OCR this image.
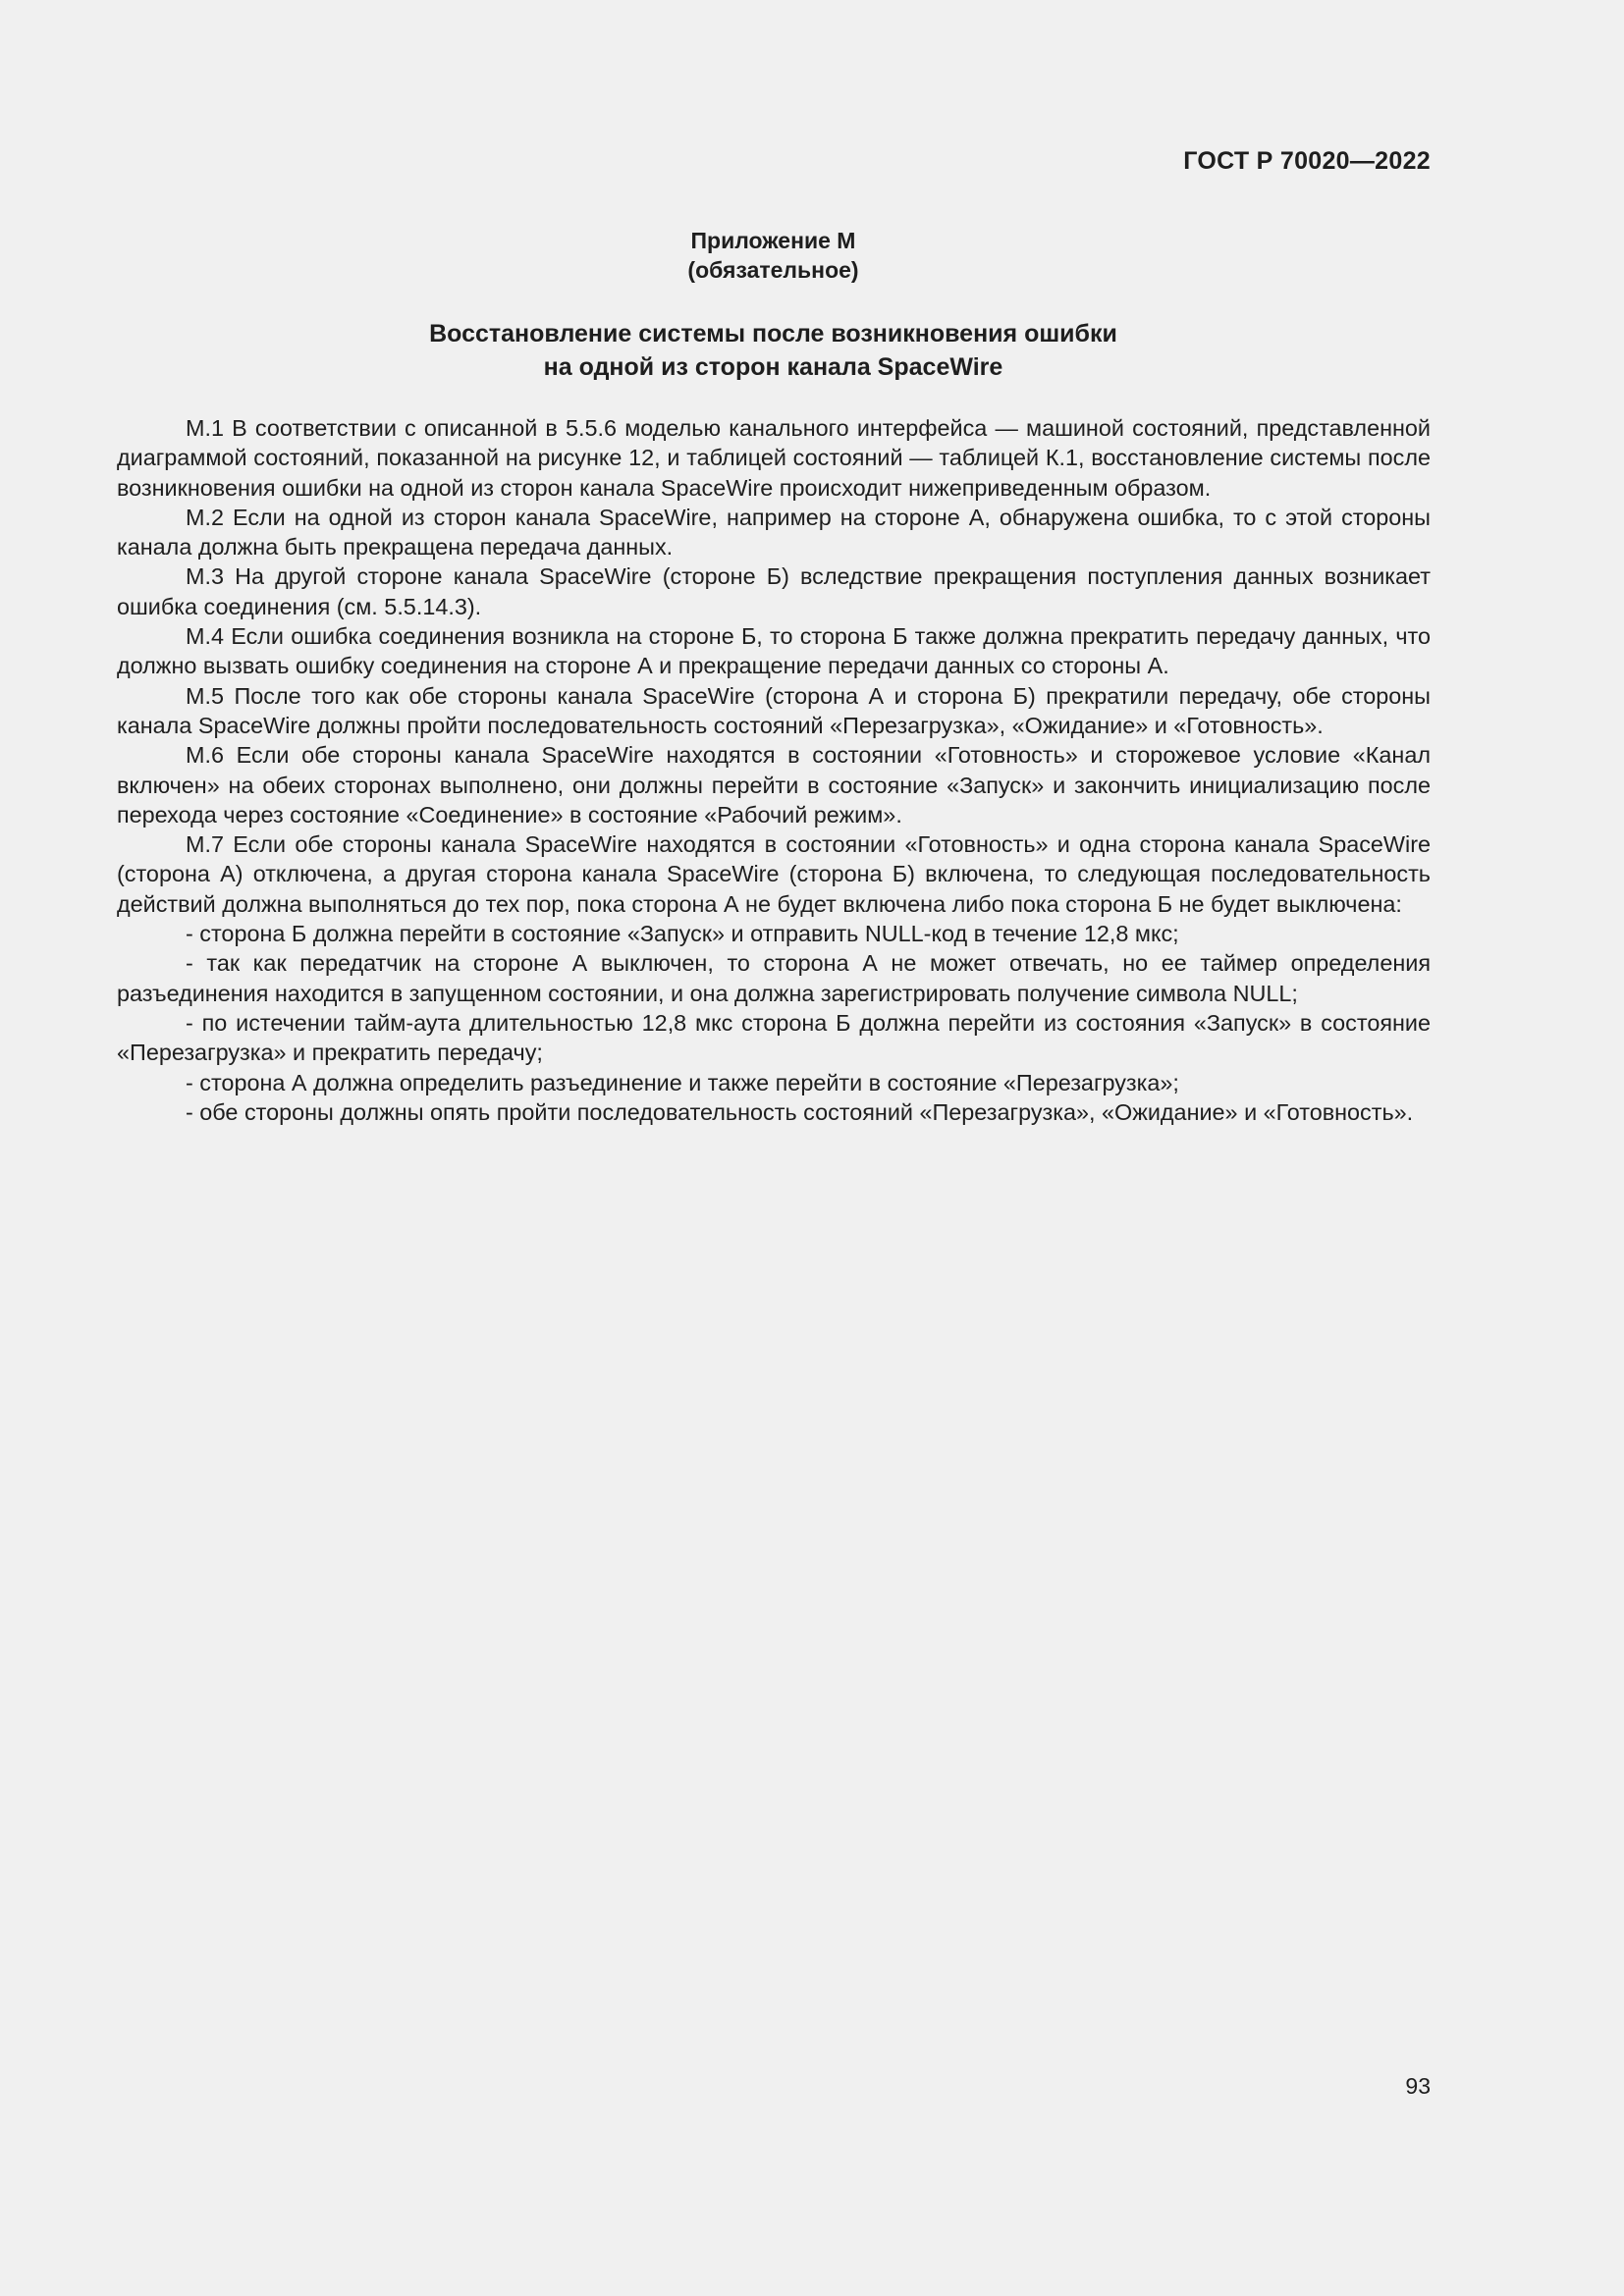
ГОСТ Р 70020—2022
Приложение М
(обязательное)
Восстановление системы после возникновения ошибки
на одной из сторон канала SpaceWire

М.1 В соответствии с описанной в 5.5.6 моделью канального интерфейса — машиной состояний, представленной диаграммой состояний, показанной на рисунке 12, и таблицей состояний — таблицей К.1, восстановление системы после возникновения ошибки на одной из сторон канала SpaceWire происходит нижеприведенным образом.

М.2 Если на одной из сторон канала SpaceWire, например на стороне А, обнаружена ошибка, то с этой стороны канала должна быть прекращена передача данных.

М.3 На другой стороне канала SpaceWire (стороне Б) вследствие прекращения поступления данных возникает ошибка соединения (см. 5.5.14.3).

М.4 Если ошибка соединения возникла на стороне Б, то сторона Б также должна прекратить передачу данных, что должно вызвать ошибку соединения на стороне А и прекращение передачи данных со стороны А.

М.5 После того как обе стороны канала SpaceWire (сторона А и сторона Б) прекратили передачу, обе стороны канала SpaceWire должны пройти последовательность состояний «Перезагрузка», «Ожидание» и «Готовность».

М.6 Если обе стороны канала SpaceWire находятся в состоянии «Готовность» и сторожевое условие «Канал включен» на обеих сторонах выполнено, они должны перейти в состояние «Запуск» и закончить инициализацию после перехода через состояние «Соединение» в состояние «Рабочий режим».

М.7 Если обе стороны канала SpaceWire находятся в состоянии «Готовность» и одна сторона канала SpaceWire (сторона А) отключена, а другая сторона канала SpaceWire (сторона Б) включена, то следующая последовательность действий должна выполняться до тех пор, пока сторона А не будет включена либо пока сторона Б не будет выключена:

- сторона Б должна перейти в состояние «Запуск» и отправить NULL-код в течение 12,8 мкс;

- так как передатчик на стороне А выключен, то сторона А не может отвечать, но ее таймер определения разъединения находится в запущенном состоянии, и она должна зарегистрировать получение символа NULL;

- по истечении тайм-аута длительностью 12,8 мкс сторона Б должна перейти из состояния «Запуск» в состояние «Перезагрузка» и прекратить передачу;

- сторона А должна определить разъединение и также перейти в состояние «Перезагрузка»;

- обе стороны должны опять пройти последовательность состояний «Перезагрузка», «Ожидание» и «Готовность».

93
